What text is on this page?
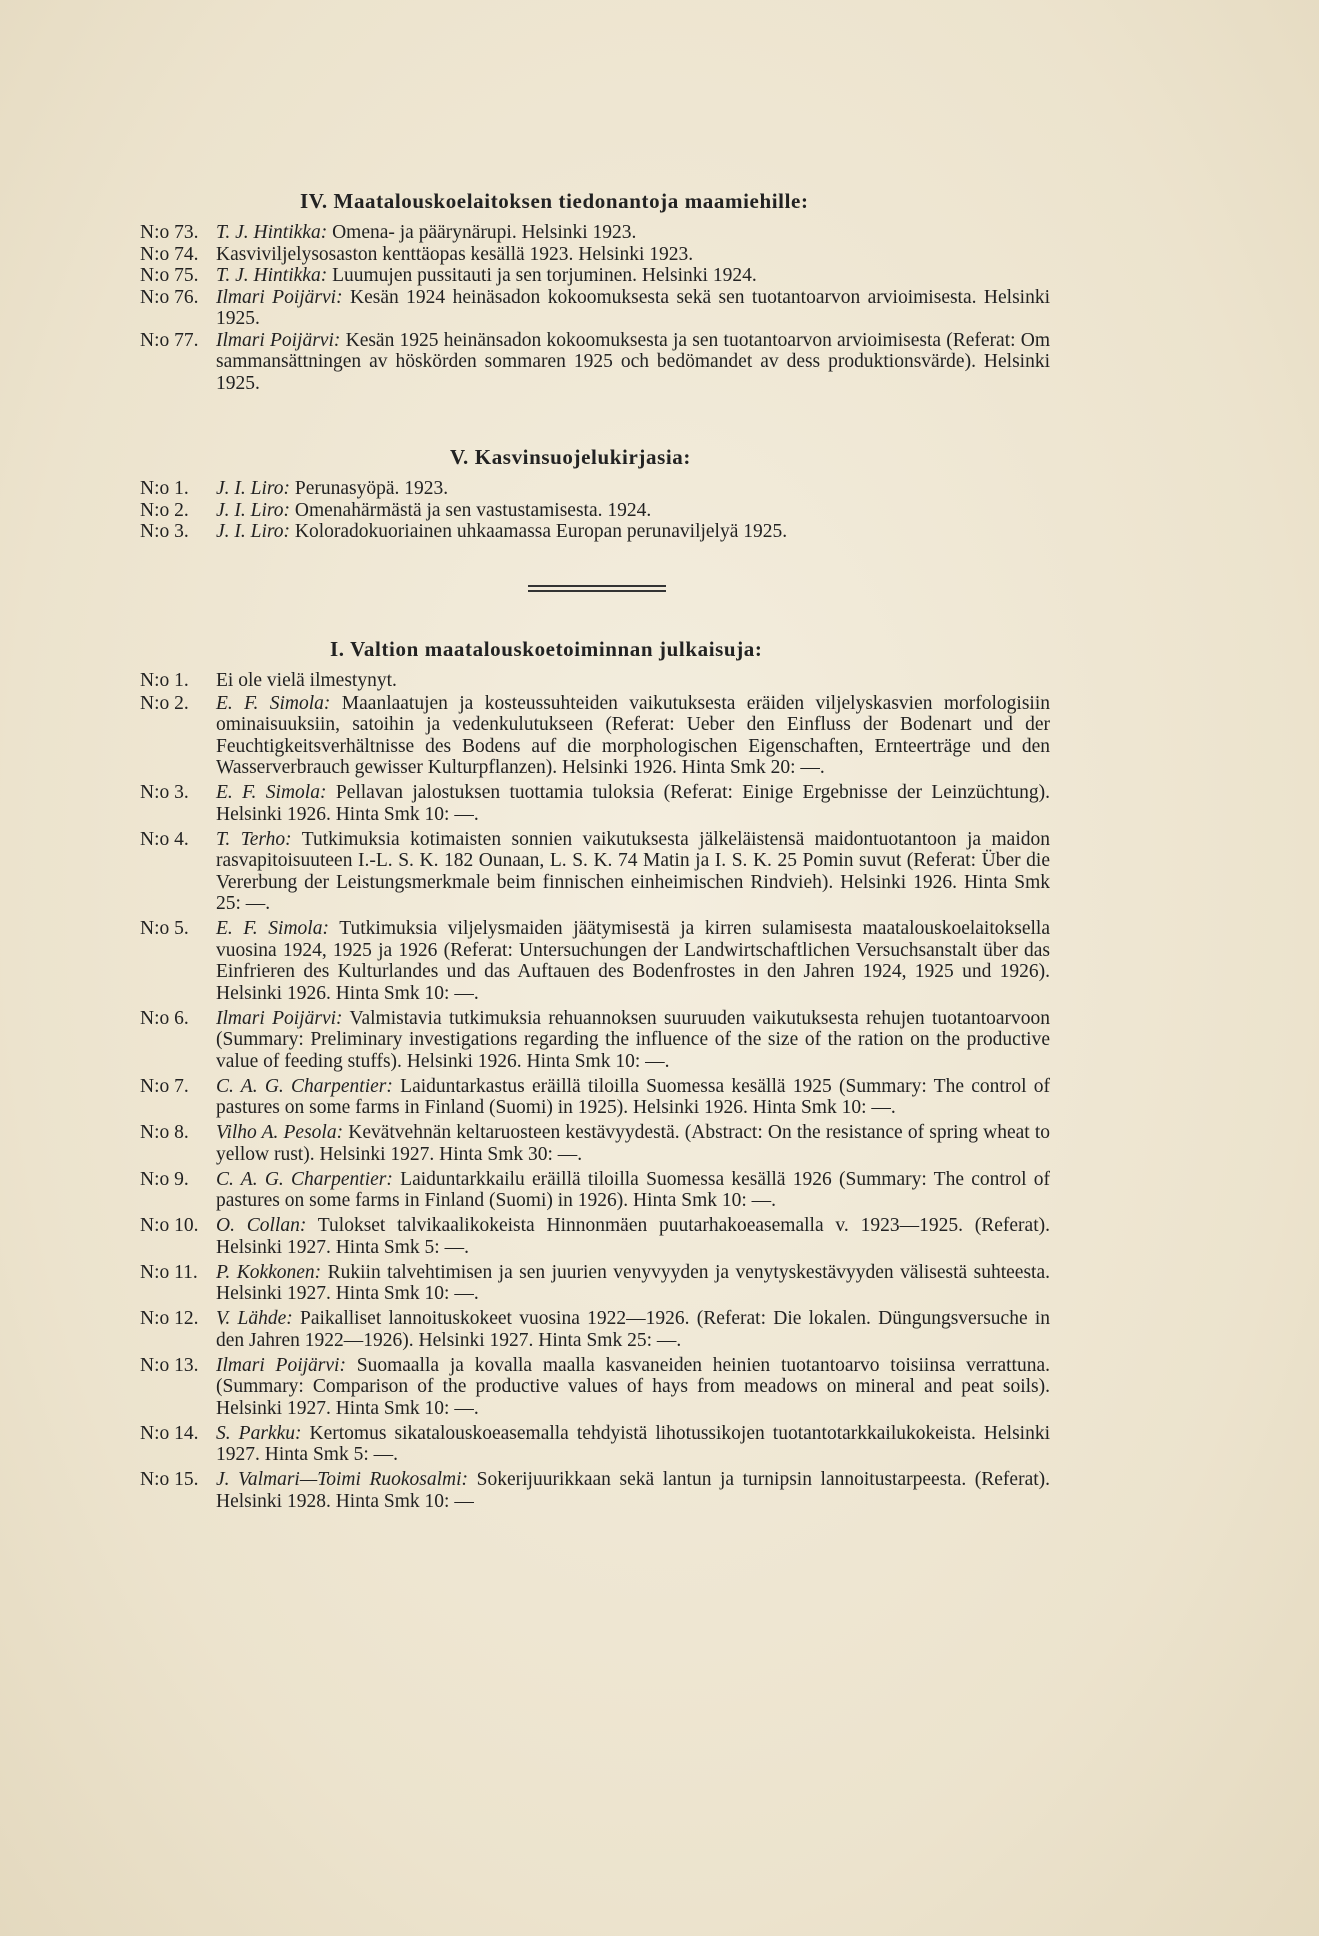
IV. Maatalouskoelaitoksen tiedonantoja maamiehille:
N:o 73. T. J. Hintikka: Omena- ja päärynärupi. Helsinki 1923.
N:o 74. Kasviviljelysosaston kenttäopas kesällä 1923. Helsinki 1923.
N:o 75. T. J. Hintikka: Luumujen pussitauti ja sen torjuminen. Helsinki 1924.
N:o 76. Ilmari Poijärvi: Kesän 1924 heinäsadon kokoomuksesta sekä sen tuotantoarvon arvioimisesta. Helsinki 1925.
N:o 77. Ilmari Poijärvi: Kesän 1925 heinänsadon kokoomuksesta ja sen tuotantoarvon arvioimisesta (Referat: Om sammansättningen av höskörden sommaren 1925 och bedömandet av dess produktionsvärde). Helsinki 1925.
V. Kasvinsuojelukirjasia:
N:o 1.	J. I. Liro: Perunasyöpä. 1923.
N:o 2.	J. I. Liro: Omenahärmästä ja sen vastustamisesta. 1924.
N:o 3.	J. I. Liro: Koloradokuoriainen uhkaamassa Europan perunaviljelyä 1925.
I. Valtion maatalouskoetoiminnan julkaisuja:
N:o 1.	Ei ole vielä ilmestynyt.
N:o 2.	E. F. Simola: Maanlaatujen ja kosteussuhteiden vaikutuksesta eräiden viljelyskasvien morfologisiin ominaisuuksiin, satoihin ja vedenkulutukseen (Referat: Ueber den Einfluss der Bodenart und der Feuchtigkeitsverhältnisse des Bodens auf die morphologischen Eigenschaften, Ernteerträge und den Wasserverbrauch gewisser Kulturpflanzen). Helsinki 1926. Hinta Smk 20: —.
N:o 3.	E. F. Simola: Pellavan jalostuksen tuottamia tuloksia (Referat: Einige Ergebnisse der Leinzüchtung). Helsinki 1926. Hinta Smk 10: —.
N:o 4.	T. Terho: Tutkimuksia kotimaisten sonnien vaikutuksesta jälkeläistensä maidontuotantoon ja maidon rasvapitoisuuteen I.-L. S. K. 182 Ounaan, L. S. K. 74 Matin ja I. S. K. 25 Pomin suvut (Referat: Über die Vererbung der Leistungsmerkmale beim finnischen einheimischen Rindvieh). Helsinki 1926. Hinta Smk 25: —.
N:o 5.	E. F. Simola: Tutkimuksia viljelysmaiden jäätymisestä ja kirren sulamisesta maatalouskoelaitoksella vuosina 1924, 1925 ja 1926 (Referat: Untersuchungen der Landwirtschaftlichen Versuchsanstalt über das Einfrieren des Kulturlandes und das Auftauen des Bodenfrostes in den Jahren 1924, 1925 und 1926). Helsinki 1926. Hinta Smk 10: —.
N:o 6.	Ilmari Poijärvi: Valmistavia tutkimuksia rehuannoksen suuruuden vaikutuksesta rehujen tuotantoarvoon (Summary: Preliminary investigations regarding the influence of the size of the ration on the productive value of feeding stuffs). Helsinki 1926. Hinta Smk 10: —.
N:o 7.	C. A. G. Charpentier: Laiduntarkastus eräillä tiloilla Suomessa kesällä 1925 (Summary: The control of pastures on some farms in Finland (Suomi) in 1925). Helsinki 1926. Hinta Smk 10: —.
N:o 8.	Vilho A. Pesola: Kevätvehnän keltaruosteen kestävyydestä. (Abstract: On the resistance of spring wheat to yellow rust). Helsinki 1927. Hinta Smk 30: —.
N:o 9.	C. A. G. Charpentier: Laiduntarkkailu eräillä tiloilla Suomessa kesällä 1926 (Summary: The control of pastures on some farms in Finland (Suomi) in 1926). Hinta Smk 10: —.
N:o 10. O. Collan: Tulokset talvikaalikokeista Hinnonmäen puutarhakoeasemalla v. 1923—1925. (Referat). Helsinki 1927. Hinta Smk 5: —.
N:o 11. P. Kokkonen: Rukiin talvehtimisen ja sen juurien venyvyyden ja venytyskestävyyden välisestä suhteesta. Helsinki 1927. Hinta Smk 10: —.
N:o 12. V. Lähde: Paikalliset lannoituskokeet vuosina 1922—1926. (Referat: Die lokalen. Düngungsversuche in den Jahren 1922—1926). Helsinki 1927. Hinta Smk 25: —.
N:o 13. Ilmari Poijärvi: Suomaalla ja kovalla maalla kasvaneiden heinien tuotantoarvo toisiinsa verrattuna. (Summary: Comparison of the productive values of hays from meadows on mineral and peat soils). Helsinki 1927. Hinta Smk 10: —.
N:o 14. S. Parkku: Kertomus sikatalouskoeasemalla tehdyistä lihotussikojen tuotantotarkkailukokeista. Helsinki 1927. Hinta Smk 5: —.
N:o 15. J. Valmari—Toimi Ruokosalmi: Sokerijuurikkaan sekä lantun ja turnipsin lannoitustarpeesta. (Referat). Helsinki 1928. Hinta Smk 10: —
